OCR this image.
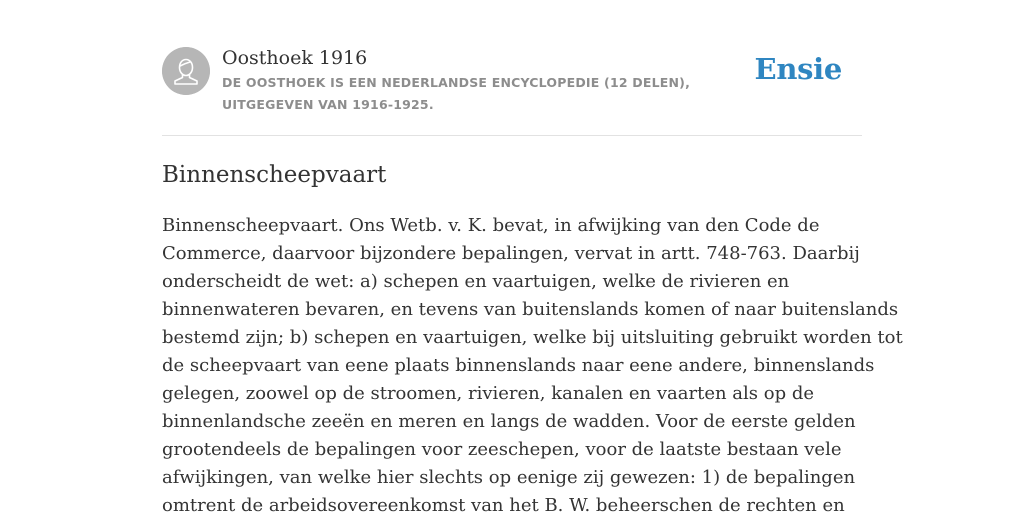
Oosthoek 1916
DE OOSTHOEK IS EEN NEDERLANDSE ENCYCLOPEDIE (12 DELEN), UITGEGEVEN VAN 1916-1925.
Ensie
Binnenscheepvaart
Binnenscheepvaart. Ons Wetb. v. K. bevat, in afwijking van den Code de
Commerce, daarvoor bijzondere bepalingen, vervat in artt. 748-763. Daarbij
onderscheidt de wet: a) schepen en vaartuigen, welke de rivieren en
binnenwateren bevaren, en tevens van buitenslands komen of naar buitenslands
bestemd zijn; b) schepen en vaartuigen, welke bij uitsluiting gebruikt worden tot
de scheepvaart van eene plaats binnenslands naar eene andere, binnenslands
gelegen, zoowel op de stroomen, rivieren, kanalen en vaarten als op de
binnenlandsche zeeën en meren en langs de wadden. Voor de eerste gelden
grootendeels de bepalingen voor zeeschepen, voor de laatste bestaan vele
afwijkingen, van welke hier slechts op eenige zij gewezen: 1) de bepalingen
omtrent de arbeidsovereenkomst van het B. W. beheerschen de rechten en
